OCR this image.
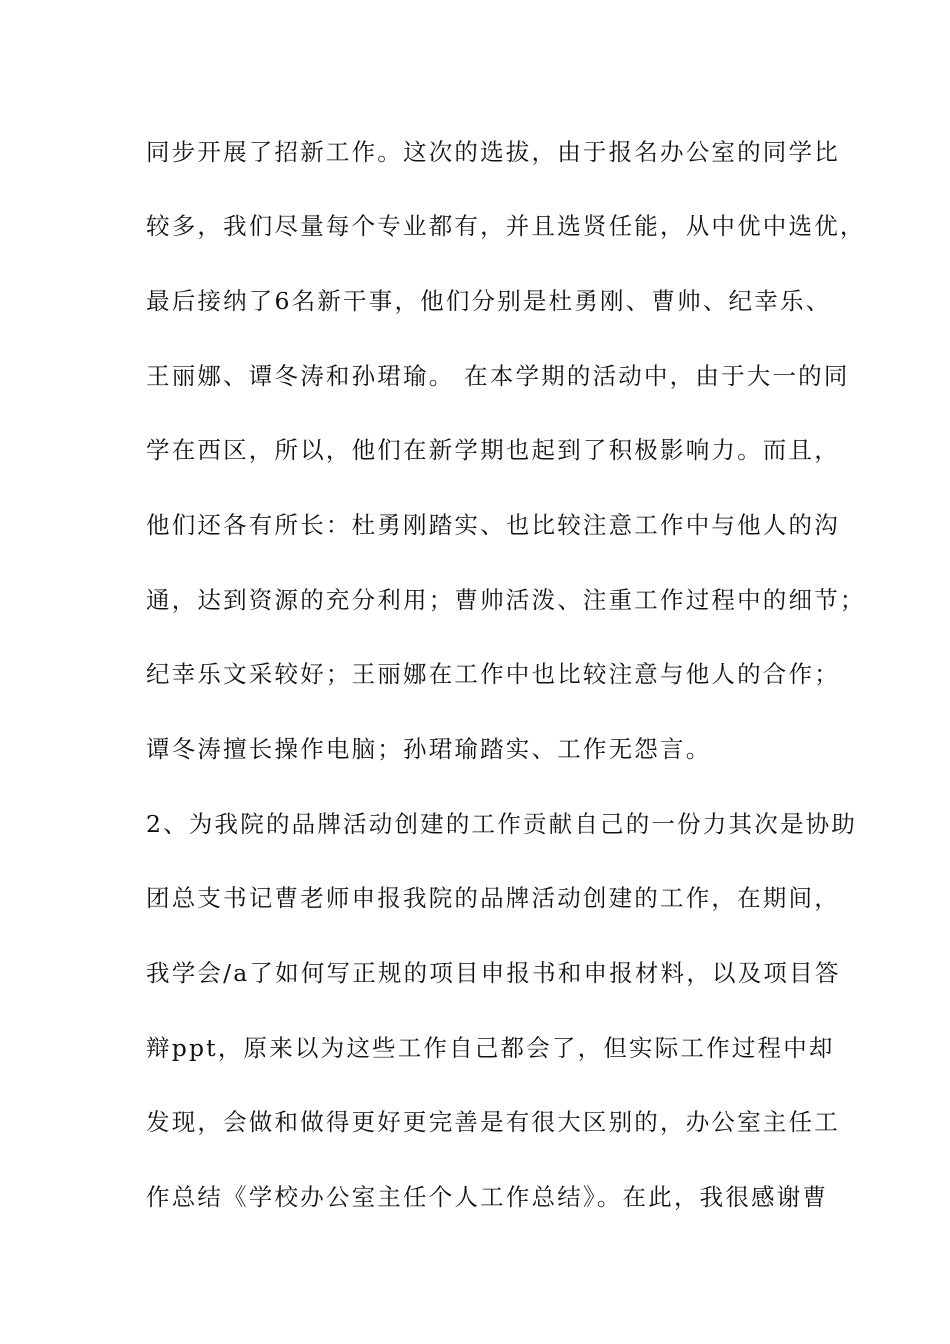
同步开展了招新工作。这次的选拔，由于报名办公室的同学比
较多，我们尽量每个专业都有，并且选贤任能，从中优中选优，
最后接纳了6名新干事，他们分别是杜勇刚、曹帅、纪幸乐、
王丽娜、谭冬涛和孙珺瑜。 在本学期的活动中，由于大一的同
学在西区，所以，他们在新学期也起到了积极影响力。而且，
他们还各有所长：杜勇刚踏实、也比较注意工作中与他人的沟
通，达到资源的充分利用；曹帅活泼、注重工作过程中的细节；
纪幸乐文采较好；王丽娜在工作中也比较注意与他人的合作；
谭冬涛擅长操作电脑；孙珺瑜踏实、工作无怨言。
2、为我院的品牌活动创建的工作贡献自己的一份力其次是协助
团总支书记曹老师申报我院的品牌活动创建的工作，在期间，
我学会/a了如何写正规的项目申报书和申报材料，以及项目答
辩ppt，原来以为这些工作自己都会了，但实际工作过程中却
发现，会做和做得更好更完善是有很大区别的，办公室主任工
作总结《学校办公室主任个人工作总结》。在此，我很感谢曹
